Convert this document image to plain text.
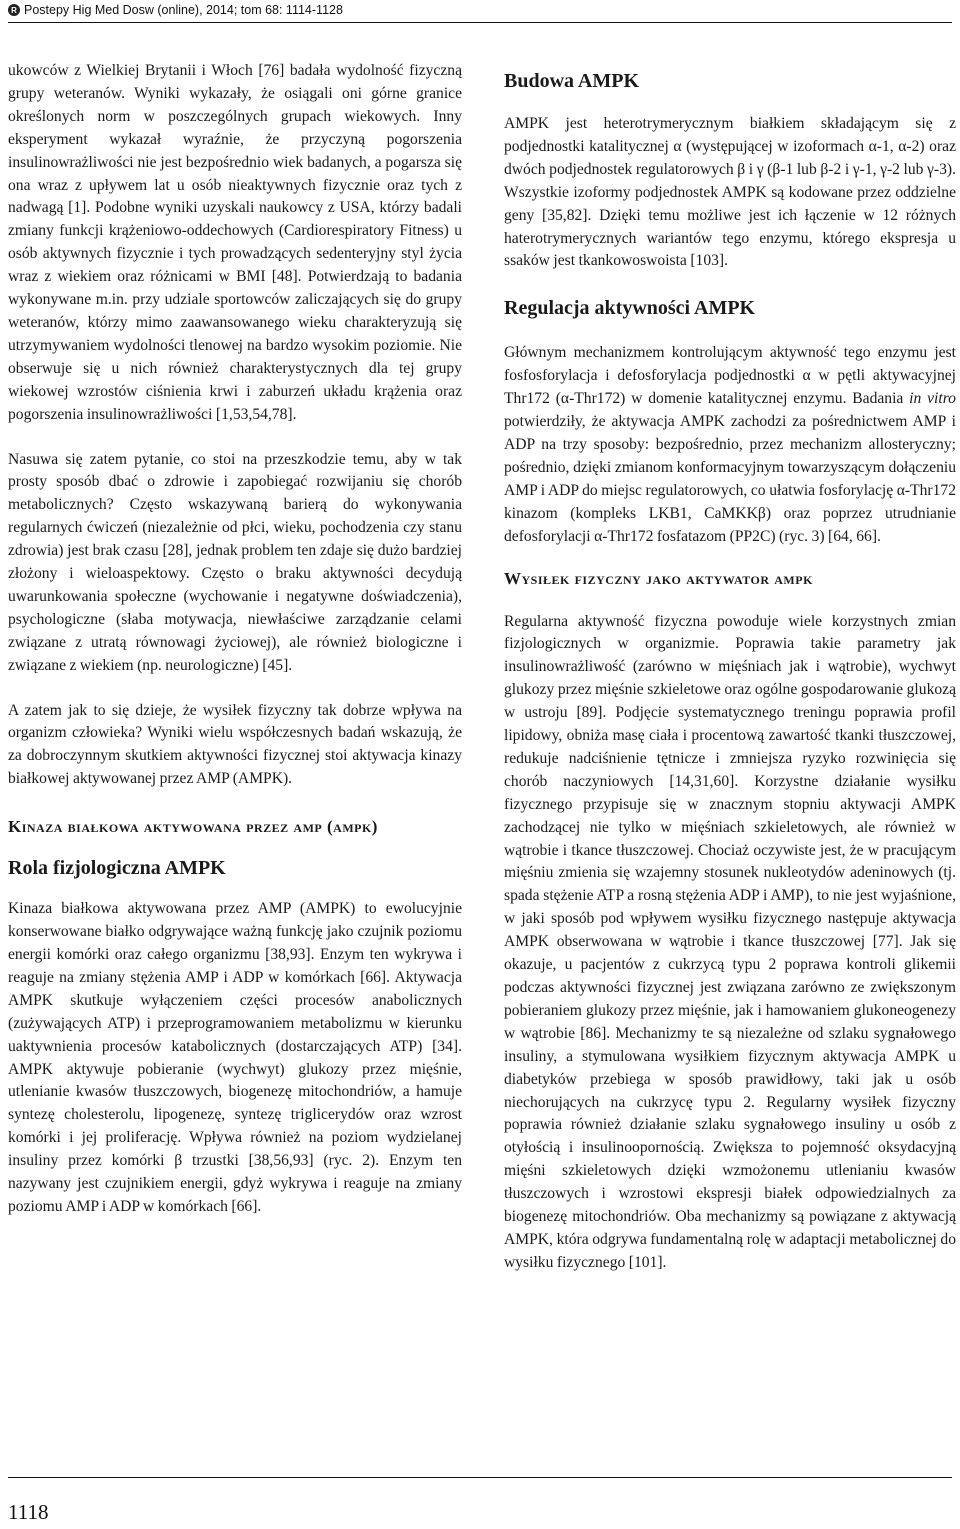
R Postepy Hig Med Dosw (online), 2014; tom 68: 1114-1128

ukowców z Wielkiej Brytanii i Włoch [76] badała wydolność fizyczną grupy weteranów. Wyniki wykazały, że osiągali oni górne granice określonych norm w poszczególnych grupach wiekowych. Inny eksperyment wykazał wyraźnie, że przyczyną pogorszenia insulinowrażliwości nie jest bezpośrednio wiek badanych, a pogarsza się ona wraz z upływem lat u osób nieaktywnych fizycznie oraz tych z nadwagą [1]. Podobne wyniki uzyskali naukowcy z USA, którzy badali zmiany funkcji krążeniowo-oddechowych (Cardiorespiratory Fitness) u osób aktywnych fizycznie i tych prowadzących sedenteryjny styl życia wraz z wiekiem oraz różnicami w BMI [48]. Potwierdzają to badania wykonywane m.in. przy udziale sportowców zaliczających się do grupy weteranów, którzy mimo zaawansowanego wieku charakteryzują się utrzymywaniem wydolności tlenowej na bardzo wysokim poziomie. Nie obserwuje się u nich również charakterystycznych dla tej grupy wiekowej wzrostów ciśnienia krwi i zaburzeń układu krążenia oraz pogorszenia insulinowrażliwości [1,53,54,78].

Nasuwa się zatem pytanie, co stoi na przeszkodzie temu, aby w tak prosty sposób dbać o zdrowie i zapobiegać rozwijaniu się chorób metabolicznych? Często wskazywaną barierą do wykonywania regularnych ćwiczeń (niezależnie od płci, wieku, pochodzenia czy stanu zdrowia) jest brak czasu [28], jednak problem ten zdaje się dużo bardziej złożony i wieloaspektowy. Często o braku aktywności decydują uwarunkowania społeczne (wychowanie i negatywne doświadczenia), psychologiczne (słaba motywacja, niewłaściwe zarządzanie celami związane z utratą równowagi życiowej), ale również biologiczne i związane z wiekiem (np. neurologiczne) [45].

A zatem jak to się dzieje, że wysiłek fizyczny tak dobrze wpływa na organizm człowieka? Wyniki wielu współczesnych badań wskazują, że za dobroczynnym skutkiem aktywności fizycznej stoi aktywacja kinazy białkowej aktywowanej przez AMP (AMPK).

Kinaza białkowa aktywowana przez amp (ampk)
Rola fizjologiczna AMPK

Kinaza białkowa aktywowana przez AMP (AMPK) to ewolucyjnie konserwowane białko odgrywające ważną funkcję jako czujnik poziomu energii komórki oraz całego organizmu [38,93]. Enzym ten wykrywa i reaguje na zmiany stężenia AMP i ADP w komórkach [66]. Aktywacja AMPK skutkuje wyłączeniem części procesów anabolicznych (zużywających ATP) i przeprogramowaniem metabolizmu w kierunku uaktywnienia procesów katabolicznych (dostarczających ATP) [34]. AMPK aktywuje pobieranie (wychwyt) glukozy przez mięśnie, utlenianie kwasów tłuszczowych, biogenezę mitochondriów, a hamuje syntezę cholesterolu, lipogenezę, syntezę triglicerydów oraz wzrost komórki i jej proliferację. Wpływa również na poziom wydzielanej insuliny przez komórki β trzustki [38,56,93] (ryc. 2). Enzym ten nazywany jest czujnikiem energii, gdyż wykrywa i reaguje na zmiany poziomu AMP i ADP w komórkach [66].

Budowa AMPK

AMPK jest heterotrymerycznym białkiem składającym się z podjednostki katalitycznej α (występującej w izoformach α-1, α-2) oraz dwóch podjednostek regulatorowych β i γ (β-1 lub β-2 i γ-1, γ-2 lub γ-3). Wszystkie izoformy podjednostek AMPK są kodowane przez oddzielne geny [35,82]. Dzięki temu możliwe jest ich łączenie w 12 różnych haterotrymerycznych wariantów tego enzymu, którego ekspresja u ssaków jest tkankowoswoista [103].

Regulacja aktywności AMPK

Głównym mechanizmem kontrolującym aktywność tego enzymu jest fosfosforylacja i defosforylacja podjednostki α w pętli aktywacyjnej Thr172 (α-Thr172) w domenie katalitycznej enzymu. Badania in vitro potwierdziły, że aktywacja AMPK zachodzi za pośrednictwem AMP i ADP na trzy sposoby: bezpośrednio, przez mechanizm allosteryczny; pośrednio, dzięki zmianom konformacyjnym towarzyszącym dołączeniu AMP i ADP do miejsc regulatorowych, co ułatwia fosforylację α-Thr172 kinazom (kompleks LKB1, CaMKKβ) oraz poprzez utrudnianie defosforylacji α-Thr172 fosfatazom (PP2C) (ryc. 3) [64, 66].

Wysiłek fizyczny jako aktywator ampk

Regularna aktywność fizyczna powoduje wiele korzystnych zmian fizjologicznych w organizmie. Poprawia takie parametry jak insulinowrażliwość (zarówno w mięśniach jak i wątrobie), wychwyt glukozy przez mięśnie szkieletowe oraz ogólne gospodarowanie glukozą w ustroju [89]. Podjęcie systematycznego treningu poprawia profil lipidowy, obniża masę ciała i procentową zawartość tkanki tłuszczowej, redukuje nadciśnienie tętnicze i zmniejsza ryzyko rozwinięcia się chorób naczyniowych [14,31,60]. Korzystne działanie wysiłku fizycznego przypisuje się w znacznym stopniu aktywacji AMPK zachodzącej nie tylko w mięśniach szkieletowych, ale również w wątrobie i tkance tłuszczowej. Chociaż oczywiste jest, że w pracującym mięśniu zmienia się wzajemny stosunek nukleotydów adeninowych (tj. spada stężenie ATP a rosną stężenia ADP i AMP), to nie jest wyjaśnione, w jaki sposób pod wpływem wysiłku fizycznego następuje aktywacja AMPK obserwowana w wątrobie i tkance tłuszczowej [77]. Jak się okazuje, u pacjentów z cukrzycą typu 2 poprawa kontroli glikemii podczas aktywności fizycznej jest związana zarówno ze zwiększonym pobieraniem glukozy przez mięśnie, jak i hamowaniem glukoneogenezy w wątrobie [86]. Mechanizmy te są niezależne od szlaku sygnałowego insuliny, a stymulowana wysiłkiem fizycznym aktywacja AMPK u diabetyków przebiega w sposób prawidłowy, taki jak u osób niechorujących na cukrzycę typu 2. Regularny wysiłek fizyczny poprawia również działanie szlaku sygnałowego insuliny u osób z otyłością i insulinoopornością. Zwiększa to pojemność oksydacyjną mięśni szkieletowych dzięki wzmożonemu utlenianiu kwasów tłuszczowych i wzrostowi ekspresji białek odpowiedzialnych za biogenezę mitochondriów. Oba mechanizmy są powiązane z aktywacją AMPK, która odgrywa fundamentalną rolę w adaptacji metabolicznej do wysiłku fizycznego [101].

1118
